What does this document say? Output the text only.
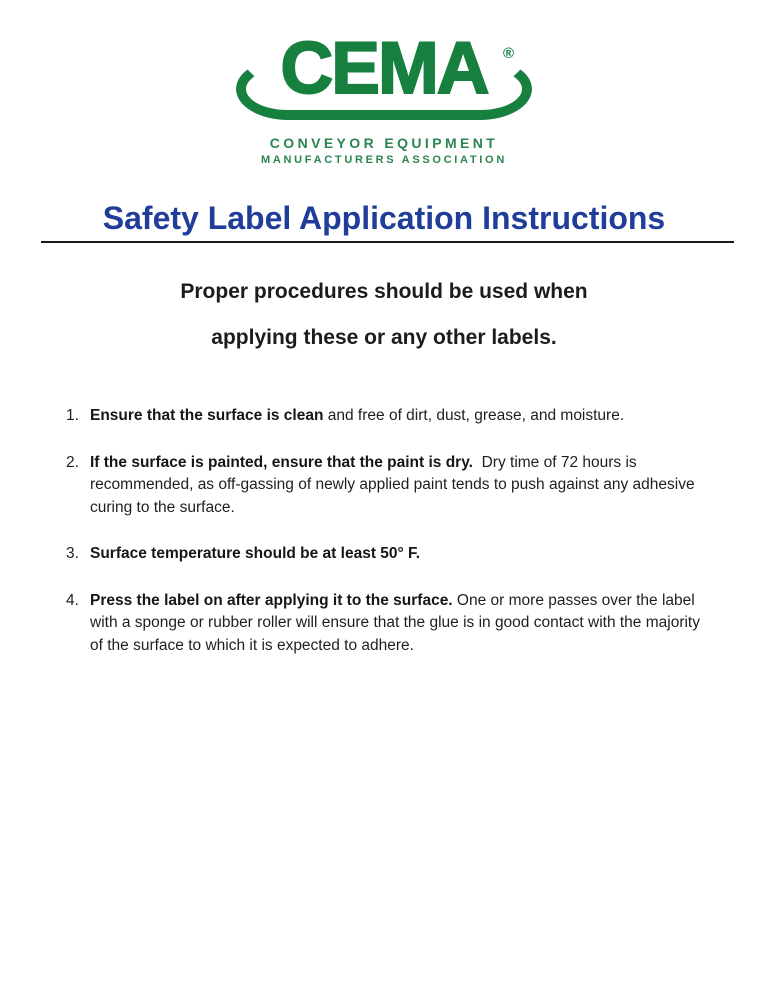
CEMA	®
CONVEYOR EQUIPMENT
MANUFACTURERS ASSOCIATION
Safety Label Application Instructions
Proper procedures should be used when
applying these or any other labels.
1. Ensure that the surface is clean and free of dirt, dust, grease, and moisture.
2. If the surface is painted, ensure that the paint is dry.  Dry time of 72 hours is recommended, as off-gassing of newly applied paint tends to push against any adhesive curing to the surface.
3. Surface temperature should be at least 50° F.
4. Press the label on after applying it to the surface. One or more passes over the label with a sponge or rubber roller will ensure that the glue is in good contact with the majority of the surface to which it is expected to adhere.
